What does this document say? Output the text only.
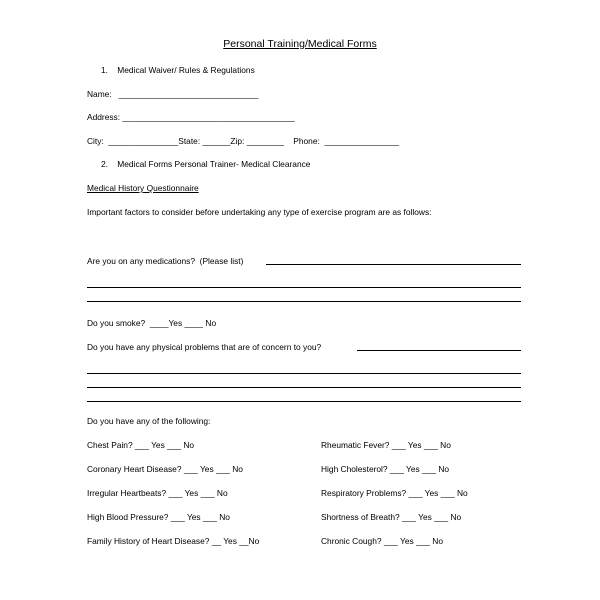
Personal Training/Medical Forms
1.    Medical Waiver/ Rules & Regulations
Name:   ______________________________
Address: _____________________________________
City:  _______________State: ______Zip: ________    Phone:  ________________
2.    Medical Forms Personal Trainer- Medical Clearance
Medical History Questionnaire
Important factors to consider before undertaking any type of exercise program are as follows:
Are you on any medications?  (Please list)
Do you smoke?  ____Yes ____ No
Do you have any physical problems that are of concern to you?
Do you have any of the following:
Chest Pain? ___ Yes ___ No
Coronary Heart Disease? ___ Yes ___ No
Irregular Heartbeats? ___ Yes ___ No
High Blood Pressure? ___ Yes ___ No
Family History of Heart Disease? __ Yes __No
Rheumatic Fever? ___ Yes ___ No
High Cholesterol? ___ Yes ___ No
Respiratory Problems? ___ Yes ___ No
Shortness of Breath? ___ Yes ___ No
Chronic Cough? ___ Yes ___ No
